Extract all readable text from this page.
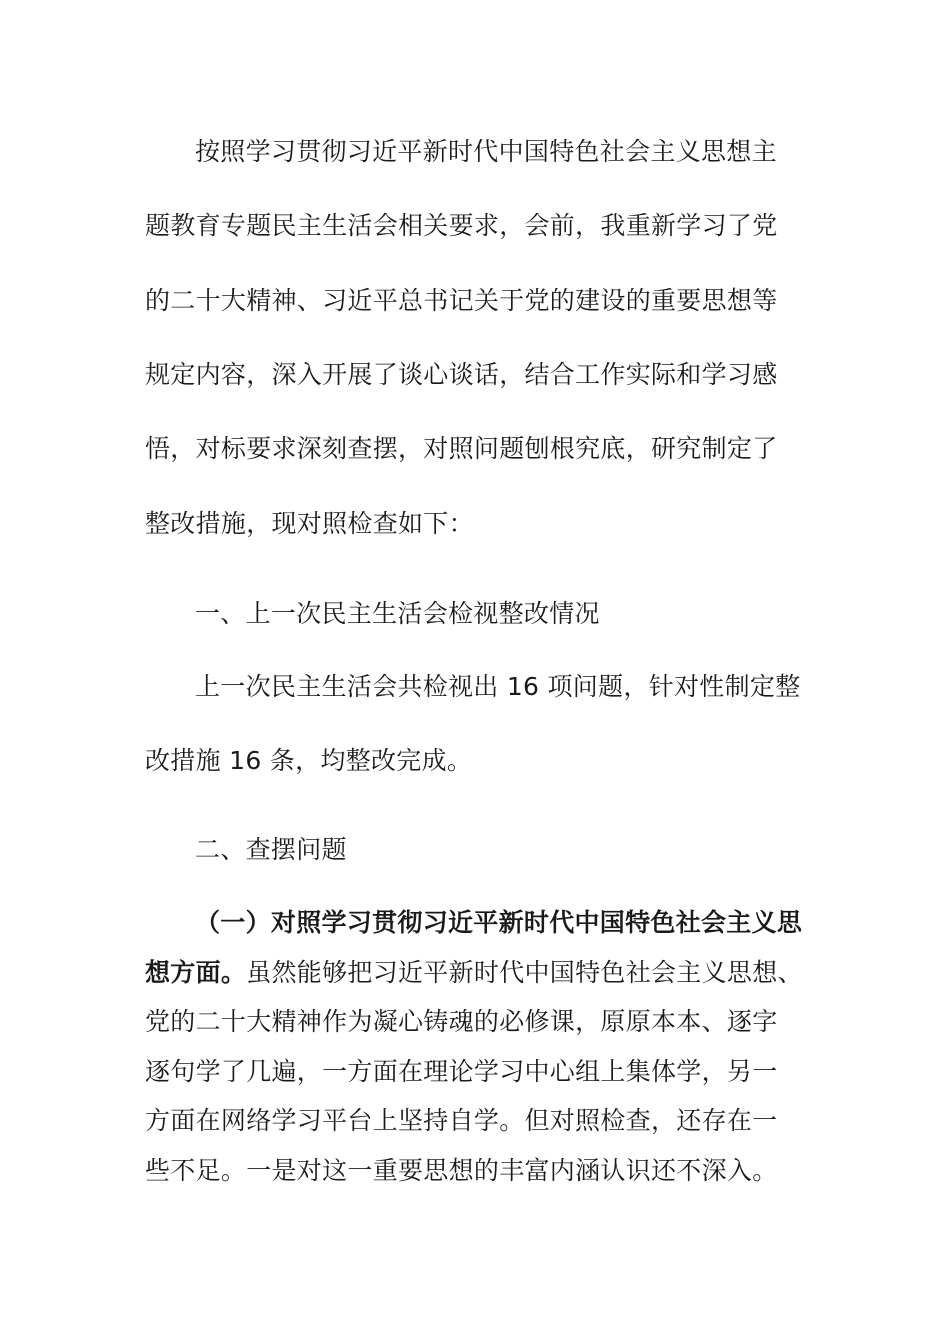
按照学习贯彻习近平新时代中国特色社会主义思想主
题教育专题民主生活会相关要求，会前，我重新学习了党
的二十大精神、习近平总书记关于党的建设的重要思想等
规定内容，深入开展了谈心谈话，结合工作实际和学习感
悟，对标要求深刻查摆，对照问题刨根究底，研究制定了
整改措施，现对照检查如下：
一、上一次民主生活会检视整改情况
上一次民主生活会共检视出 16 项问题，针对性制定整
改措施 16 条，均整改完成。
二、查摆问题
（一）对照学习贯彻习近平新时代中国特色社会主义思
想方面。虽然能够把习近平新时代中国特色社会主义思想、
党的二十大精神作为凝心铸魂的必修课，原原本本、逐字
逐句学了几遍，一方面在理论学习中心组上集体学，另一
方面在网络学习平台上坚持自学。但对照检查，还存在一
些不足。一是对这一重要思想的丰富内涵认识还不深入。
